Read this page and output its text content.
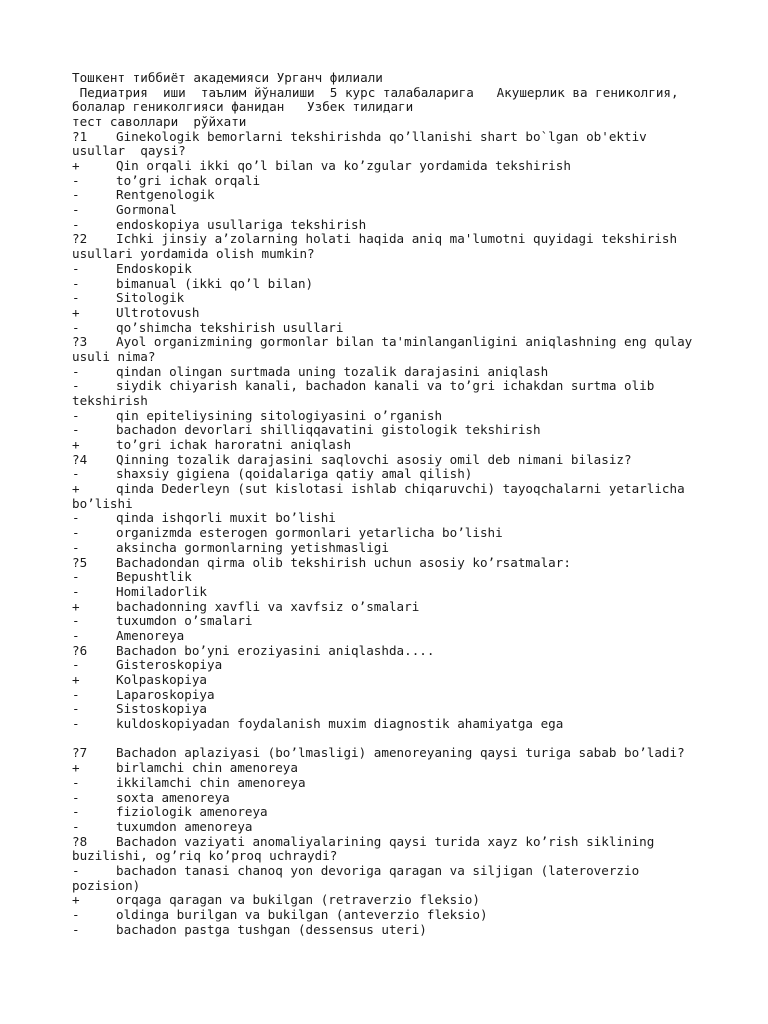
Тошкент тиббиёт академияси Урганч филиали
Педиатрия  иши  таълим йўналиши  5 курс талабаларига   Акушерлик ва гениколгия,
болалар гениколгияси фанидан   Узбек тилидаги
тест саволлари  рўйхати
?1	Ginekologik bemorlarni tekshirishda qo’llanishi shart bo`lgan ob'ektiv
usullar  qaysi?
+	Qin orqali ikki qo’l bilan va ko’zgular yordamida tekshirish
-	to’gri ichak orqali
-	Rentgenologik
-	Gormonal
-	endoskopiya usullariga tekshirish
?2	Ichki jinsiy a’zolarning holati haqida aniq ma'lumotni quyidagi tekshirish
usullari yordamida olish mumkin?
-	Endoskopik
-	bimanual (ikki qo’l bilan)
-	Sitologik
+	Ultrotovush
-	qo’shimcha tekshirish usullari
?3	Ayol organizmining gormonlar bilan ta'minlanganligini aniqlashning eng qulay
usuli nima?
-	qindan olingan surtmada uning tozalik darajasini aniqlash
-	siydik chiyarish kanali, bachadon kanali va to’gri ichakdan surtma olib
tekshirish
-	qin epiteliysining sitologiyasini o’rganish
-	bachadon devorlari shilliqqavatini gistologik tekshirish
+	to’gri ichak haroratni aniqlash
?4	Qinning tozalik darajasini saqlovchi asosiy omil deb nimani bilasiz?
-	shaxsiy gigiena (qoidalariga qatiy amal qilish)
+	qinda Dederleyn (sut kislotasi ishlab chiqaruvchi) tayoqchalarni yetarlicha
bo’lishi
-	qinda ishqorli muxit bo’lishi
-	organizmda esterogen gormonlari yetarlicha bo’lishi
-	aksincha gormonlarning yetishmasligi
?5	Bachadondan qirma olib tekshirish uchun asosiy ko’rsatmalar:
-	Bepushtlik
-	Homiladorlik
+	bachadonning xavfli va xavfsiz o’smalari
-	tuxumdon o’smalari
-	Amenoreya
?6	Bachadon bo’yni eroziyasini aniqlashda....
-	Gisteroskopiya
+	Kolpaskopiya
-	Laparoskopiya
-	Sistoskopiya
-	kuldoskopiyadan foydalanish muxim diagnostik ahamiyatga ega
?7	Bachadon aplaziyasi (bo’lmasligi) amenoreyaning qaysi turiga sabab bo’ladi?
+	birlamchi chin amenoreya
-	ikkilamchi chin amenoreya
-	soxta amenoreya
-	fiziologik amenoreya
-	tuxumdon amenoreya
?8	Bachadon vaziyati anomaliyalarining qaysi turida xayz ko’rish siklining
buzilishi, og’riq ko’proq uchraydi?
-	bachadon tanasi chanoq yon devoriga qaragan va siljigan (lateroverzio
pozision)
+	orqaga qaragan va bukilgan (retraverzio fleksio)
-	oldinga burilgan va bukilgan (anteverzio fleksio)
-	bachadon pastga tushgan (dessensus uteri)
